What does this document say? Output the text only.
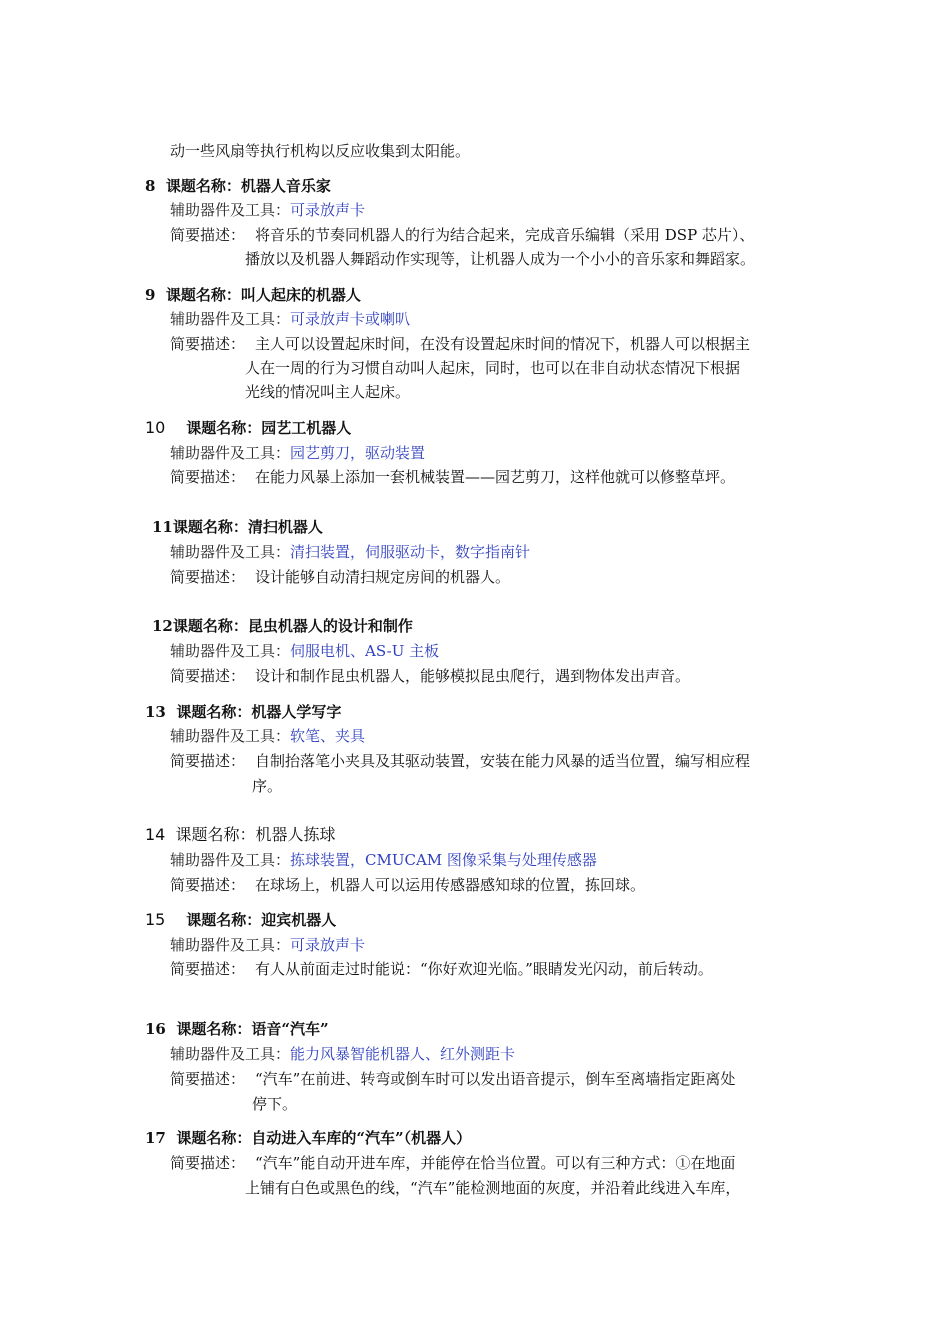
动一些风扇等执行机构以反应收集到太阳能。
8 课题名称：机器人音乐家
辅助器件及工具：可录放声卡
简要描述： 将音乐的节奏同机器人的行为结合起来，完成音乐编辑（采用 DSP 芯片）、
播放以及机器人舞蹈动作实现等，让机器人成为一个小小的音乐家和舞蹈家。
9 课题名称：叫人起床的机器人
辅助器件及工具：可录放声卡或喇叭
简要描述： 主人可以设置起床时间，在没有设置起床时间的情况下，机器人可以根据主
人在一周的行为习惯自动叫人起床，同时，也可以在非自动状态情况下根据
光线的情况叫主人起床。
10 课题名称：园艺工机器人
辅助器件及工具：园艺剪刀，驱动装置
简要描述： 在能力风暴上添加一套机械装置——园艺剪刀，这样他就可以修整草坪。
11课题名称：清扫机器人
辅助器件及工具：清扫装置，伺服驱动卡，数字指南针
简要描述： 设计能够自动清扫规定房间的机器人。
12课题名称：昆虫机器人的设计和制作
辅助器件及工具：伺服电机、AS-U 主板
简要描述： 设计和制作昆虫机器人，能够模拟昆虫爬行，遇到物体发出声音。
13 课题名称：机器人学写字
辅助器件及工具：软笔、夹具
简要描述： 自制抬落笔小夹具及其驱动装置，安装在能力风暴的适当位置，编写相应程
序。
14 课题名称：机器人拣球
辅助器件及工具：拣球装置，CMUCAM 图像采集与处理传感器
简要描述： 在球场上，机器人可以运用传感器感知球的位置，拣回球。
15 课题名称：迎宾机器人
辅助器件及工具：可录放声卡
简要描述： 有人从前面走过时能说：“你好欢迎光临。”眼睛发光闪动，前后转动。
16 课题名称：语音“汽车”
辅助器件及工具：能力风暴智能机器人、红外测距卡
简要描述： “汽车”在前进、转弯或倒车时可以发出语音提示，倒车至离墙指定距离处
停下。
17 课题名称：自动进入车库的“汽车”（机器人）
简要描述： “汽车”能自动开进车库，并能停在恰当位置。可以有三种方式：①在地面
上铺有白色或黑色的线，“汽车”能检测地面的灰度，并沿着此线进入车库，
